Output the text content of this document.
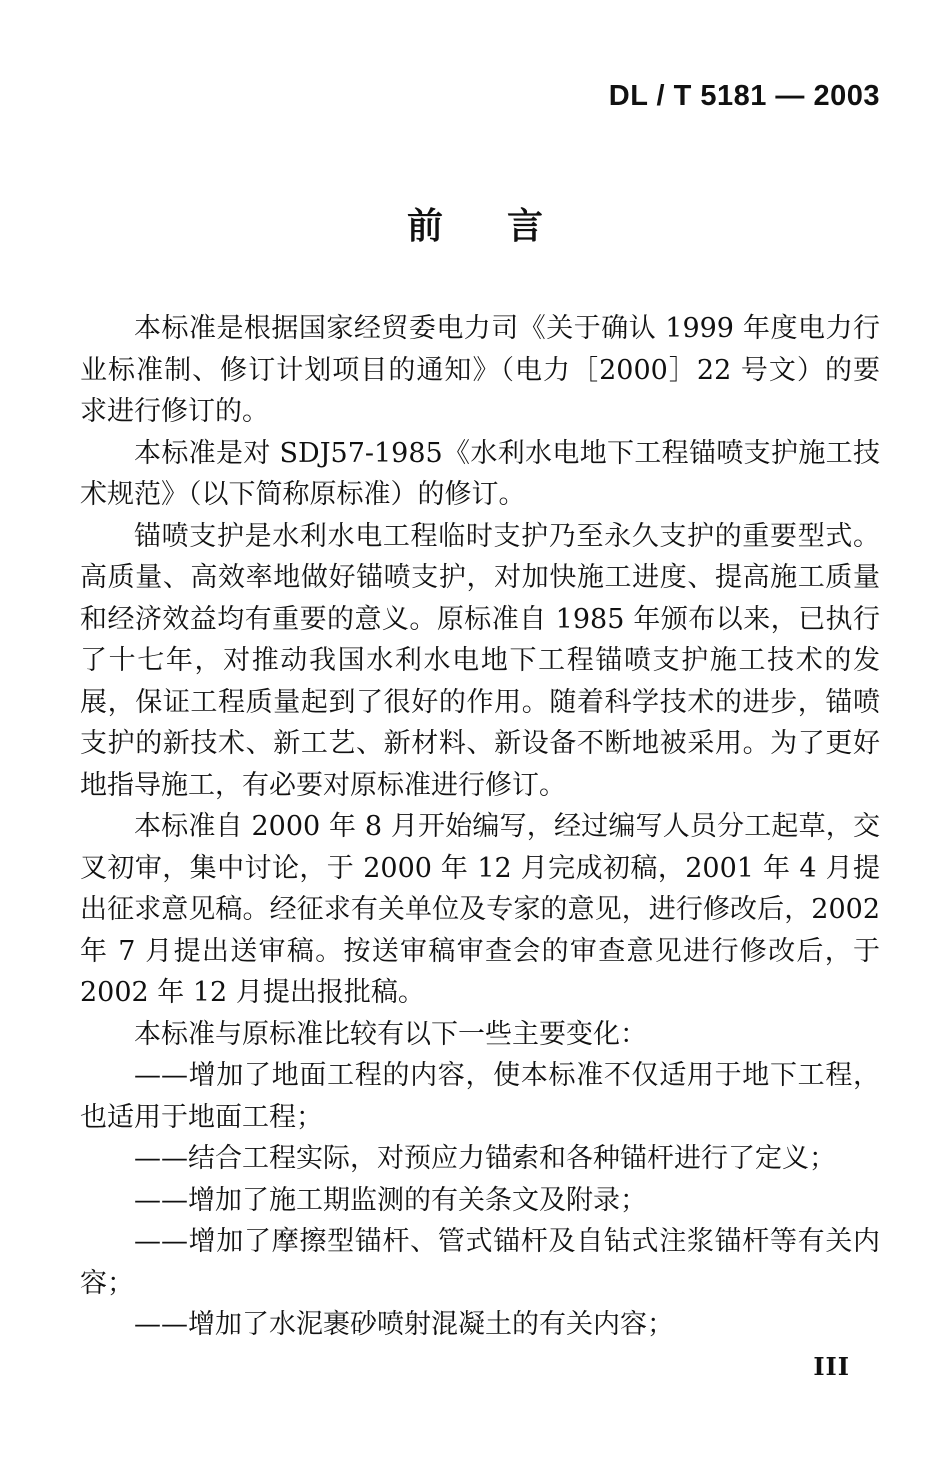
DL / T 5181 — 2003
前言

本标准是根据国家经贸委电力司《关于确认 1999 年度电力行业标准制、修订计划项目的通知》（电力［2000］22 号文）的要求进行修订的。

本标准是对 SDJ57-1985《水利水电地下工程锚喷支护施工技术规范》（以下简称原标准）的修订。

锚喷支护是水利水电工程临时支护乃至永久支护的重要型式。高质量、高效率地做好锚喷支护，对加快施工进度、提高施工质量和经济效益均有重要的意义。原标准自 1985 年颁布以来，已执行了十七年，对推动我国水利水电地下工程锚喷支护施工技术的发展，保证工程质量起到了很好的作用。随着科学技术的进步，锚喷支护的新技术、新工艺、新材料、新设备不断地被采用。为了更好地指导施工，有必要对原标准进行修订。

本标准自 2000 年 8 月开始编写，经过编写人员分工起草，交叉初审，集中讨论，于 2000 年 12 月完成初稿，2001 年 4 月提出征求意见稿。经征求有关单位及专家的意见，进行修改后，2002 年 7 月提出送审稿。按送审稿审查会的审查意见进行修改后，于 2002 年 12 月提出报批稿。

本标准与原标准比较有以下一些主要变化：

——增加了地面工程的内容，使本标准不仅适用于地下工程，也适用于地面工程；

——结合工程实际，对预应力锚索和各种锚杆进行了定义；

——增加了施工期监测的有关条文及附录；

——增加了摩擦型锚杆、管式锚杆及自钻式注浆锚杆等有关内容；

——增加了水泥裹砂喷射混凝土的有关内容；

III
